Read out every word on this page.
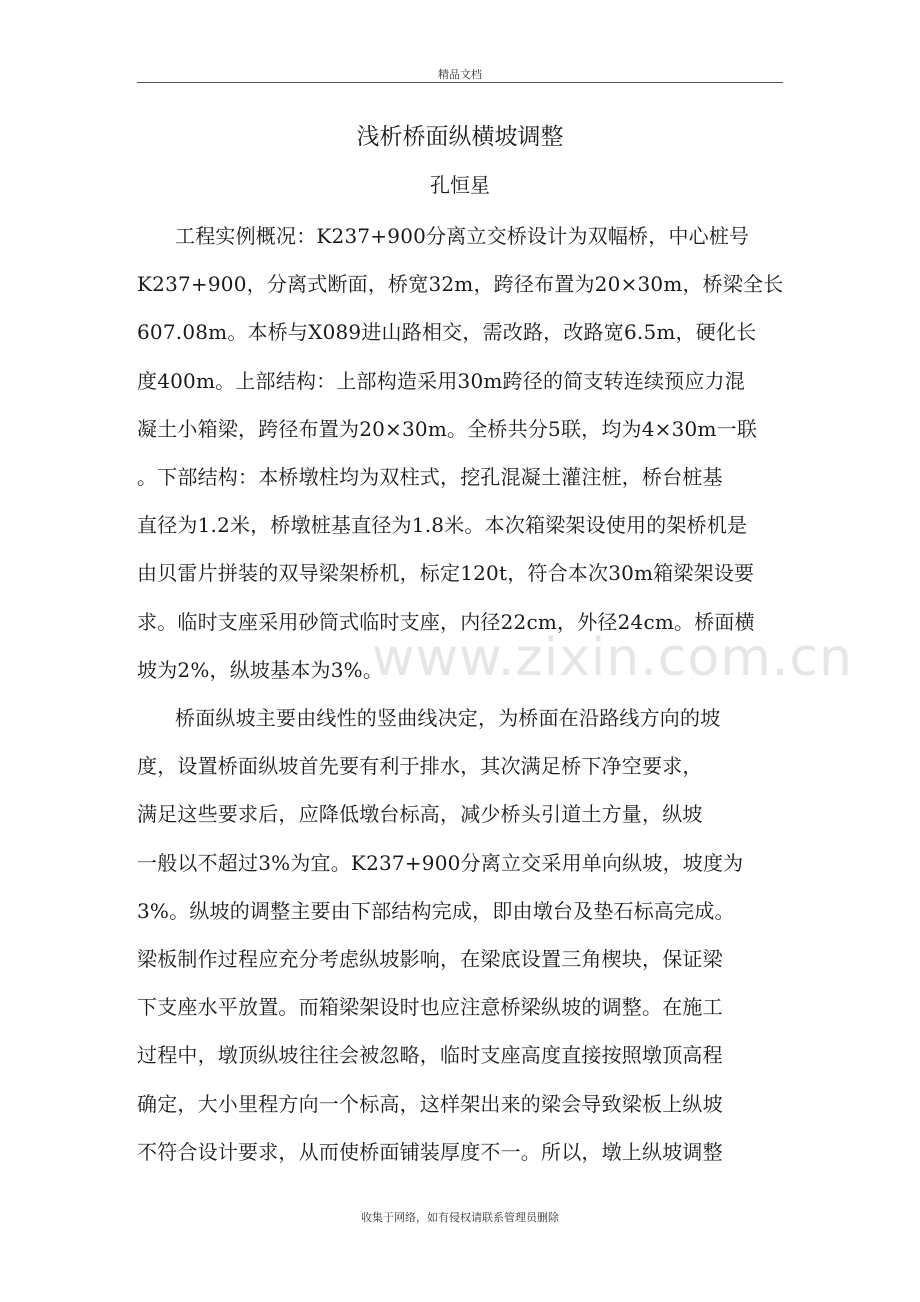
精品文档
浅析桥面纵横坡调整
孔恒星
工程实例概况：K237+900分离立交桥设计为双幅桥，中心桩号
K237+900，分离式断面，桥宽32m，跨径布置为20×30m，桥梁全长
607.08m。本桥与X089进山路相交，需改路，改路宽6.5m，硬化长
度400m。上部结构：上部构造采用30m跨径的简支转连续预应力混
凝土小箱梁，跨径布置为20×30m。全桥共分5联，均为4×30m一联
。下部结构：本桥墩柱均为双柱式，挖孔混凝土灌注桩，桥台桩基
直径为1.2米，桥墩桩基直径为1.8米。本次箱梁架设使用的架桥机是
由贝雷片拼装的双导梁架桥机，标定120t，符合本次30m箱梁架设要
求。临时支座采用砂筒式临时支座，内径22cm，外径24cm。桥面横
坡为2%，纵坡基本为3%。
桥面纵坡主要由线性的竖曲线决定，为桥面在沿路线方向的坡
度，设置桥面纵坡首先要有利于排水，其次满足桥下净空要求，
满足这些要求后，应降低墩台标高，减少桥头引道土方量，纵坡
一般以不超过3%为宜。K237+900分离立交采用单向纵坡，坡度为
3%。纵坡的调整主要由下部结构完成，即由墩台及垫石标高完成。
梁板制作过程应充分考虑纵坡影响，在梁底设置三角楔块，保证梁
下支座水平放置。而箱梁架设时也应注意桥梁纵坡的调整。在施工
过程中，墩顶纵坡往往会被忽略，临时支座高度直接按照墩顶高程
确定，大小里程方向一个标高，这样架出来的梁会导致梁板上纵坡
不符合设计要求，从而使桥面铺装厚度不一。所以，墩上纵坡调整
www.zixin.com.cn
收集于网络，如有侵权请联系管理员删除
